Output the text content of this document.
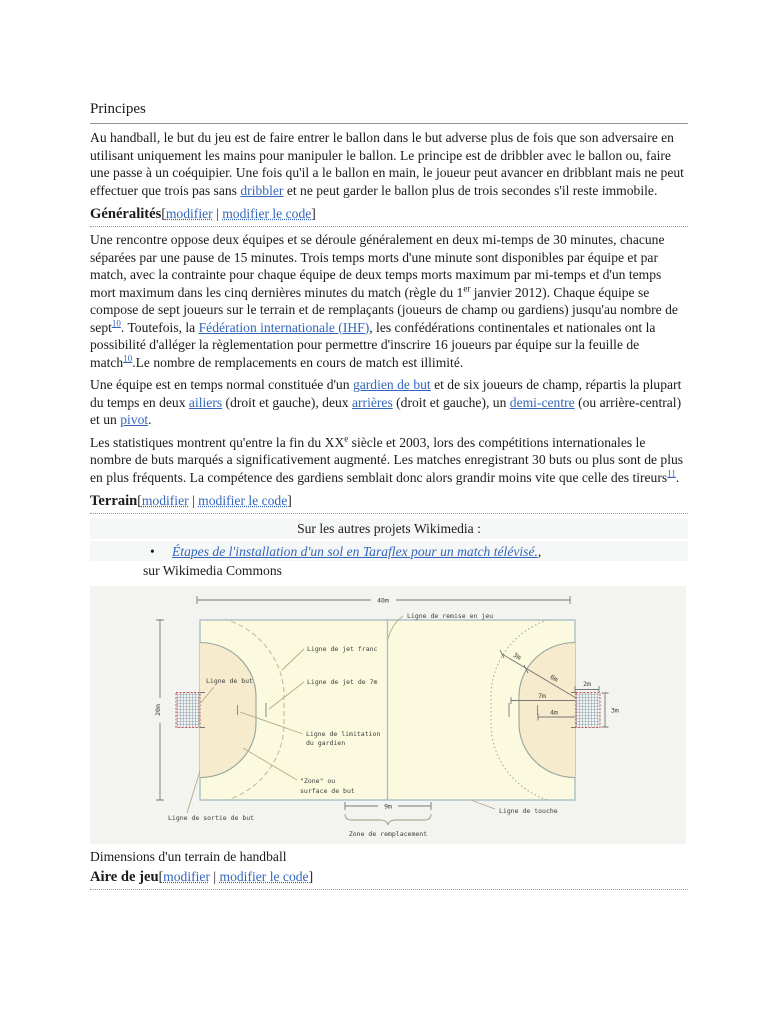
Principes
Au handball, le but du jeu est de faire entrer le ballon dans le but adverse plus de fois que son adversaire en utilisant uniquement les mains pour manipuler le ballon. Le principe est de dribbler avec le ballon ou, faire une passe à un coéquipier. Une fois qu'il a le ballon en main, le joueur peut avancer en dribblant mais ne peut effectuer que trois pas sans dribbler et ne peut garder le ballon plus de trois secondes s'il reste immobile.
Généralités[modifier | modifier le code]
Une rencontre oppose deux équipes et se déroule généralement en deux mi-temps de 30 minutes, chacune séparées par une pause de 15 minutes. Trois temps morts d'une minute sont disponibles par équipe et par match, avec la contrainte pour chaque équipe de deux temps morts maximum par mi-temps et d'un temps mort maximum dans les cinq dernières minutes du match (règle du 1er janvier 2012). Chaque équipe se compose de sept joueurs sur le terrain et de remplaçants (joueurs de champ ou gardiens) jusqu'au nombre de sept$^{10}$. Toutefois, la Fédération internationale (IHF), les confédérations continentales et nationales ont la possibilité d'alléger la règlementation pour permettre d'inscrire 16 joueurs par équipe sur la feuille de match$^{10}$.Le nombre de remplacements en cours de match est illimité.
Une équipe est en temps normal constituée d'un gardien de but et de six joueurs de champ, répartis la plupart du temps en deux ailiers (droit et gauche), deux arrières (droit et gauche), un demi-centre (ou arrière-central) et un pivot.
Les statistiques montrent qu'entre la fin du XXe siècle et 2003, lors des compétitions internationales le nombre de buts marqués a significativement augmenté. Les matches enregistrant 30 buts ou plus sont de plus en plus fréquents. La compétence des gardiens semblait donc alors grandir moins vite que celle des tireurs$^{11}$.
Terrain[modifier | modifier le code]
Sur les autres projets Wikimedia :
• Étapes de l'installation d'un sol en Taraflex pour un match télévisé.,
sur Wikimedia Commons
40m
20m
3m
6m
2m
7m
4m	3m
9m
Zone de remplacement
Ligne de remise en jeu
Ligne de jet franc
Ligne de but	Ligne de jet de 7m
Ligne de limitation
du gardien
"Zone" ou
surface de but
Ligne de sortie de but
Ligne de touche
Dimensions d'un terrain de handball
Aire de jeu[modifier | modifier le code]
